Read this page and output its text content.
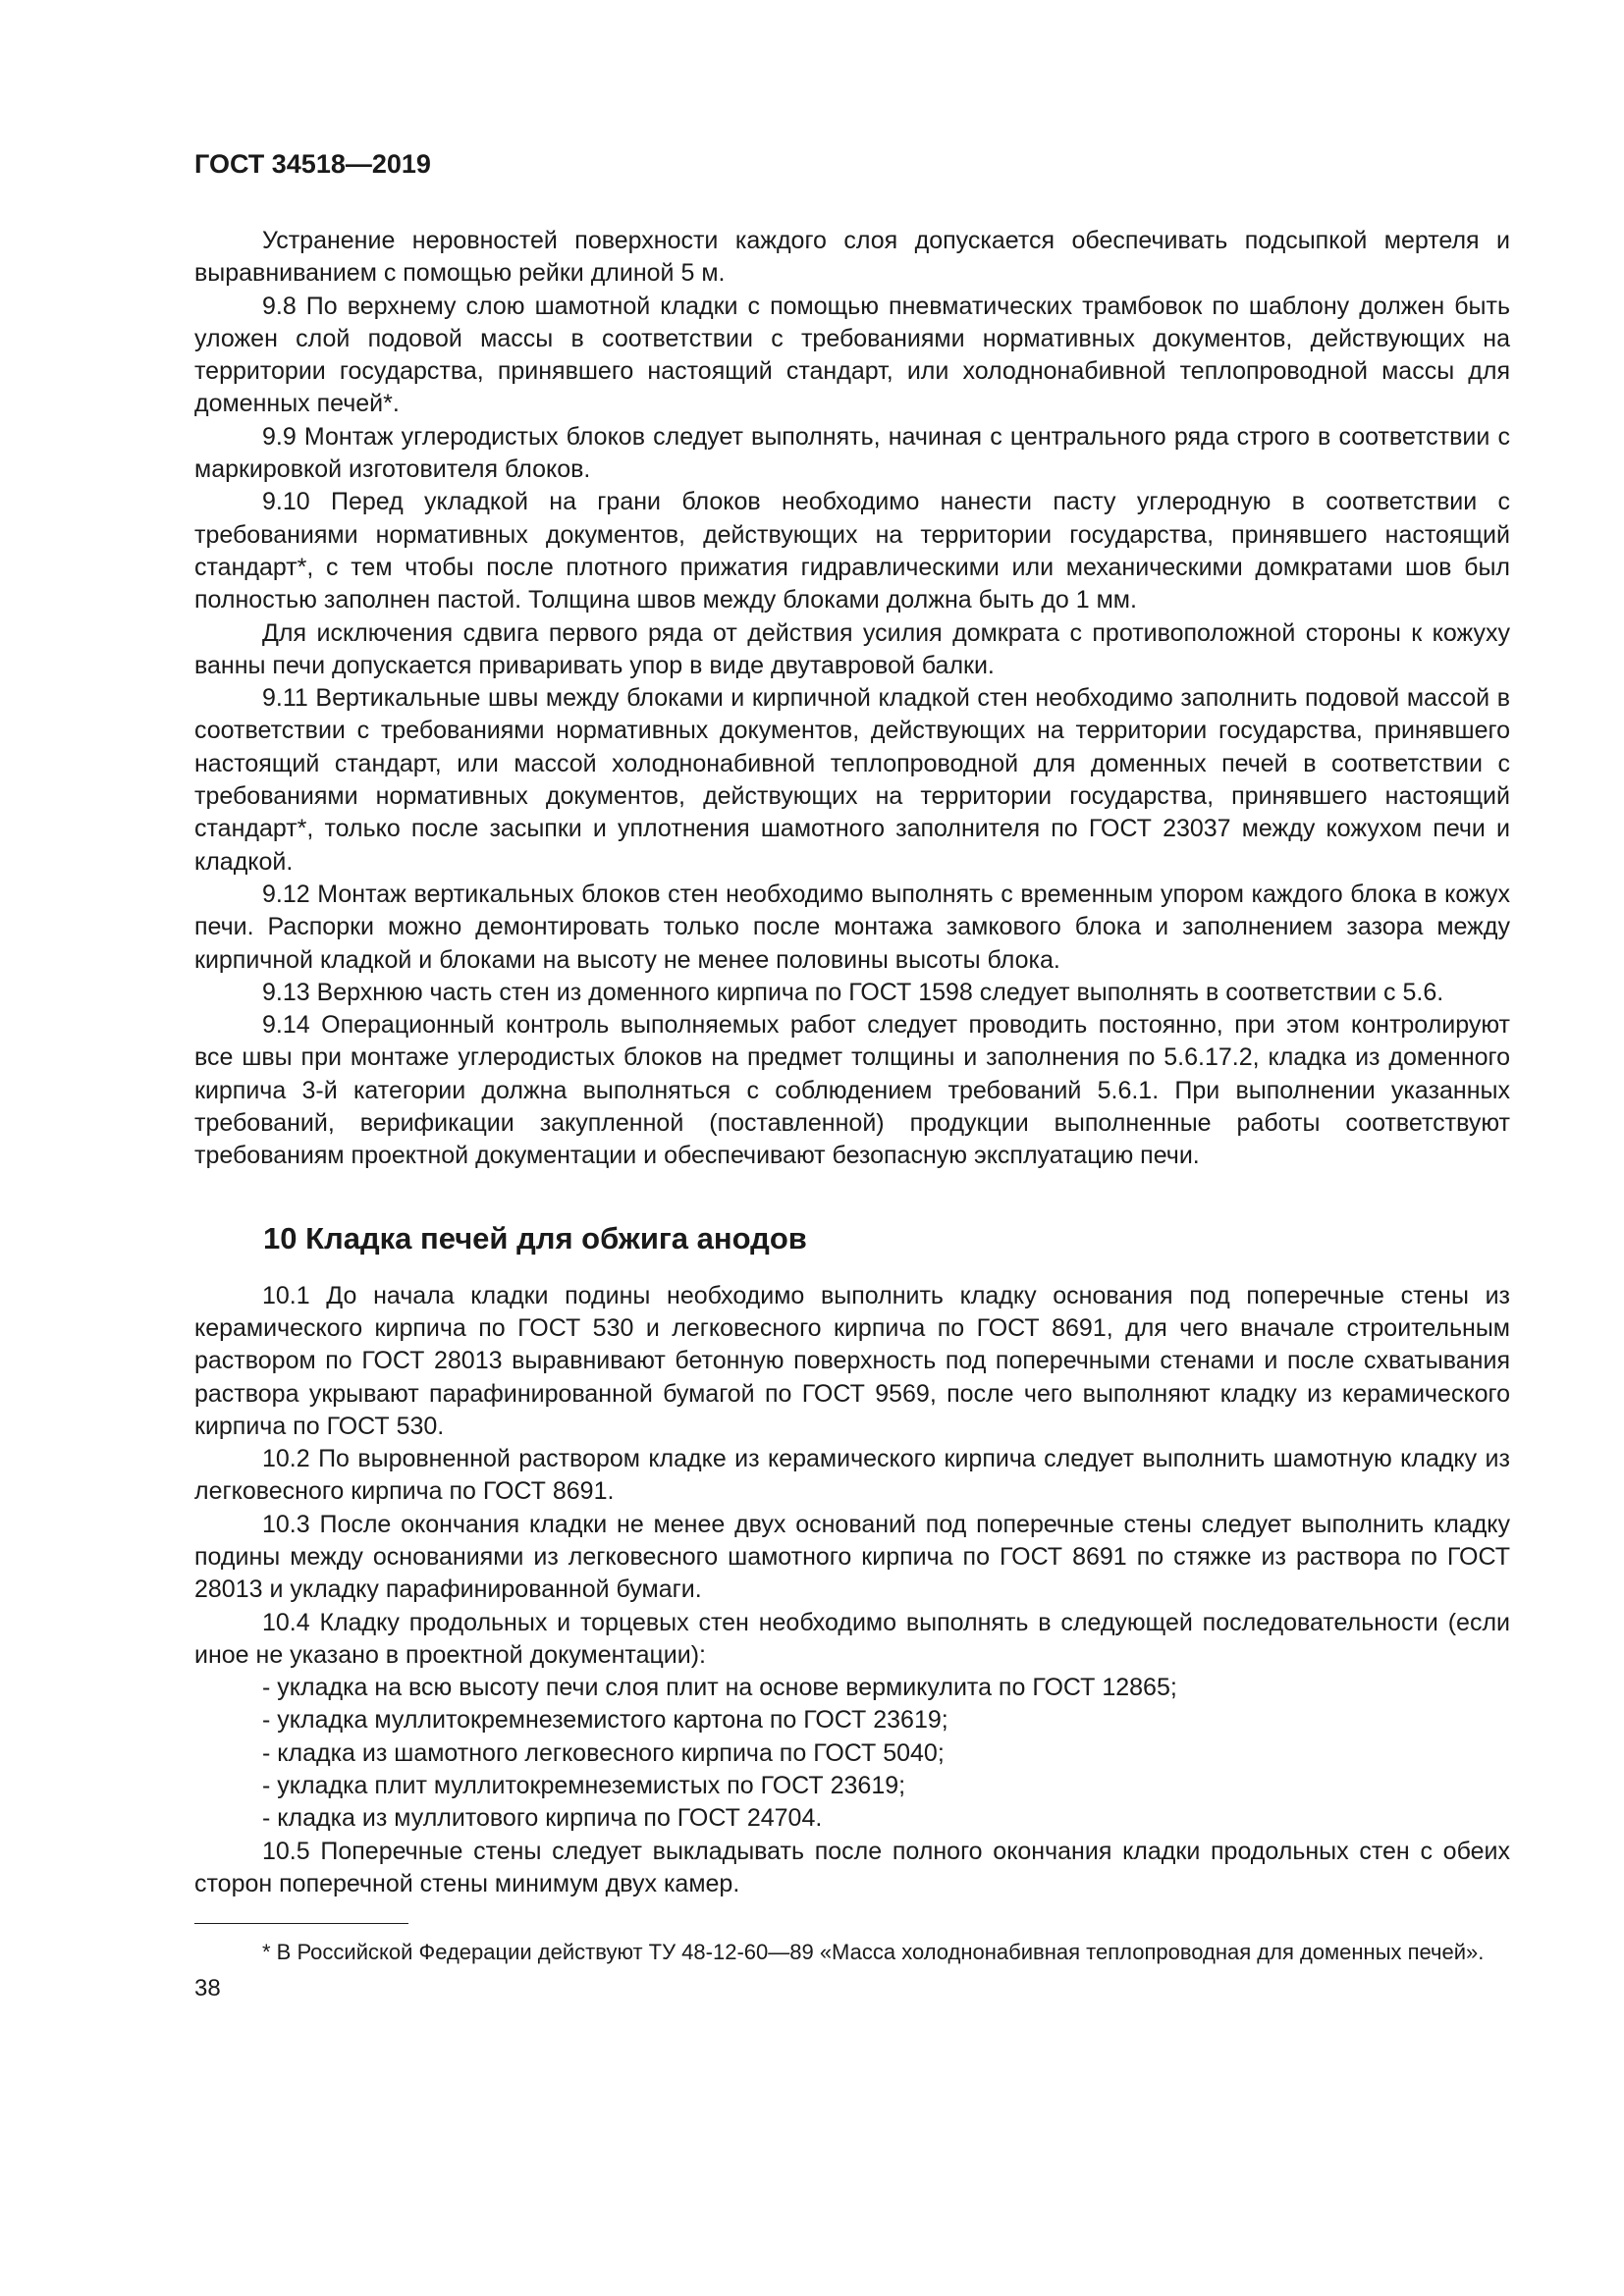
ГОСТ 34518—2019

Устранение неровностей поверхности каждого слоя допускается обеспечивать подсыпкой мертеля и выравниванием с помощью рейки длиной 5 м.

9.8 По верхнему слою шамотной кладки с помощью пневматических трамбовок по шаблону должен быть уложен слой подовой массы в соответствии с требованиями нормативных документов, действующих на территории государства, принявшего настоящий стандарт, или холоднонабивной теплопроводной массы для доменных печей*.

9.9 Монтаж углеродистых блоков следует выполнять, начиная с центрального ряда строго в соответствии с маркировкой изготовителя блоков.

9.10 Перед укладкой на грани блоков необходимо нанести пасту углеродную в соответствии с требованиями нормативных документов, действующих на территории государства, принявшего настоящий стандарт*, с тем чтобы после плотного прижатия гидравлическими или механическими домкратами шов был полностью заполнен пастой. Толщина швов между блоками должна быть до 1 мм.

Для исключения сдвига первого ряда от действия усилия домкрата с противоположной стороны к кожуху ванны печи допускается приваривать упор в виде двутавровой балки.

9.11 Вертикальные швы между блоками и кирпичной кладкой стен необходимо заполнить подовой массой в соответствии с требованиями нормативных документов, действующих на территории государства, принявшего настоящий стандарт, или массой холоднонабивной теплопроводной для доменных печей в соответствии с требованиями нормативных документов, действующих на территории государства, принявшего настоящий стандарт*, только после засыпки и уплотнения шамотного заполнителя по ГОСТ 23037 между кожухом печи и кладкой.

9.12 Монтаж вертикальных блоков стен необходимо выполнять с временным упором каждого блока в кожух печи. Распорки можно демонтировать только после монтажа замкового блока и заполнением зазора между кирпичной кладкой и блоками на высоту не менее половины высоты блока.

9.13 Верхнюю часть стен из доменного кирпича по ГОСТ 1598 следует выполнять в соответствии с 5.6.

9.14 Операционный контроль выполняемых работ следует проводить постоянно, при этом контролируют все швы при монтаже углеродистых блоков на предмет толщины и заполнения по 5.6.17.2, кладка из доменного кирпича 3-й категории должна выполняться с соблюдением требований 5.6.1. При выполнении указанных требований, верификации закупленной (поставленной) продукции выполненные работы соответствуют требованиям проектной документации и обеспечивают безопасную эксплуатацию печи.

10 Кладка печей для обжига анодов

10.1 До начала кладки подины необходимо выполнить кладку основания под поперечные стены из керамического кирпича по ГОСТ 530 и легковесного кирпича по ГОСТ 8691, для чего вначале строительным раствором по ГОСТ 28013 выравнивают бетонную поверхность под поперечными стенами и после схватывания раствора укрывают парафинированной бумагой по ГОСТ 9569, после чего выполняют кладку из керамического кирпича по ГОСТ 530.

10.2 По выровненной раствором кладке из керамического кирпича следует выполнить шамотную кладку из легковесного кирпича по ГОСТ 8691.

10.3 После окончания кладки не менее двух оснований под поперечные стены следует выполнить кладку подины между основаниями из легковесного шамотного кирпича по ГОСТ 8691 по стяжке из раствора по ГОСТ 28013 и укладку парафинированной бумаги.

10.4 Кладку продольных и торцевых стен необходимо выполнять в следующей последовательности (если иное не указано в проектной документации):

- укладка на всю высоту печи слоя плит на основе вермикулита по ГОСТ 12865;
- укладка муллитокремнеземистого картона по ГОСТ 23619;
- кладка из шамотного легковесного кирпича по ГОСТ 5040;
- укладка плит муллитокремнеземистых по ГОСТ 23619;
- кладка из муллитового кирпича по ГОСТ 24704.

10.5 Поперечные стены следует выкладывать после полного окончания кладки продольных стен с обеих сторон поперечной стены минимум двух камер.

* В Российской Федерации действуют ТУ 48-12-60—89 «Масса холоднонабивная теплопроводная для доменных печей».

38
